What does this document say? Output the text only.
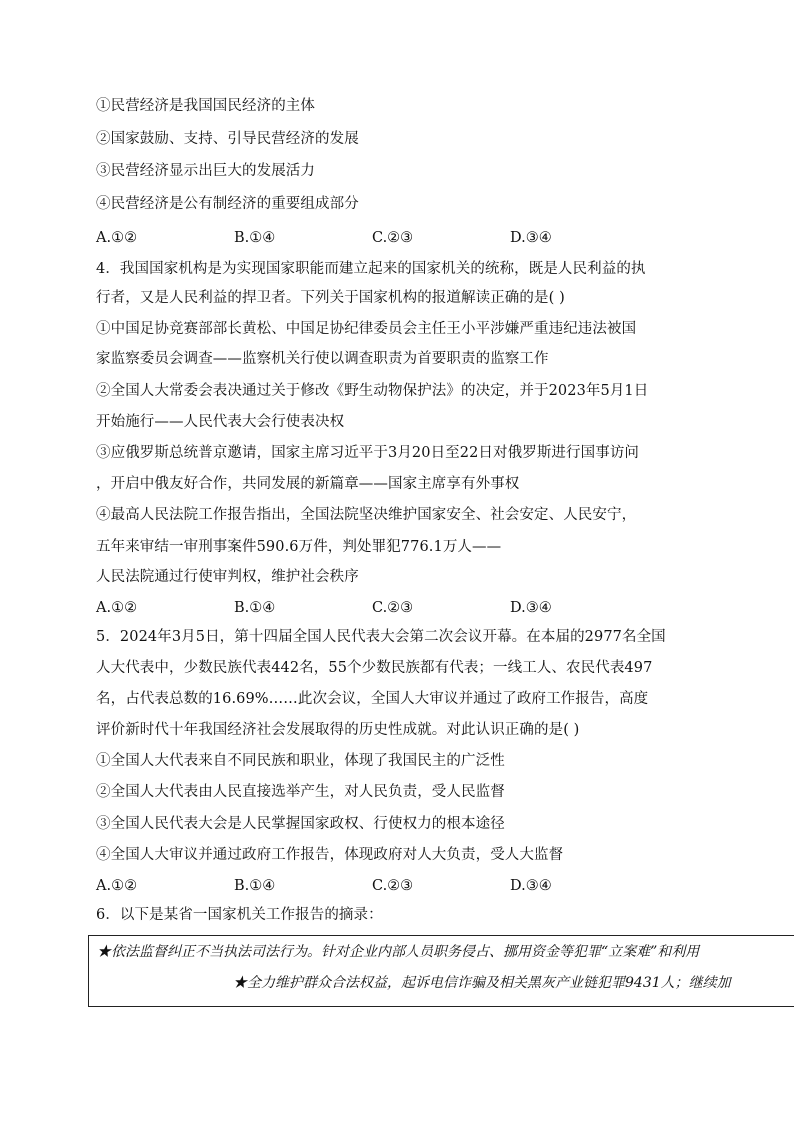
①民营经济是我国国民经济的主体
②国家鼓励、支持、引导民营经济的发展
③民营经济显示出巨大的发展活力
④民营经济是公有制经济的重要组成部分
A.①②	B.①④	C.②③	D.③④
4．我国国家机构是为实现国家职能而建立起来的国家机关的统称，既是人民利益的执
行者，又是人民利益的捍卫者。下列关于国家机构的报道解读正确的是( )
①中国足协竞赛部部长黄松、中国足协纪律委员会主任王小平涉嫌严重违纪违法被国
家监察委员会调查——监察机关行使以调查职责为首要职责的监察工作
②全国人大常委会表决通过关于修改《野生动物保护法》的决定，并于2023年5月1日
开始施行——人民代表大会行使表决权
③应俄罗斯总统普京邀请，国家主席习近平于3月20日至22日对俄罗斯进行国事访问
，开启中俄友好合作，共同发展的新篇章——国家主席享有外事权
④最高人民法院工作报告指出，全国法院坚决维护国家安全、社会安定、人民安宁，
五年来审结一审刑事案件590.6万件，判处罪犯776.1万人——
人民法院通过行使审判权，维护社会秩序
A.①②	B.①④	C.②③	D.③④
5．2024年3月5日，第十四届全国人民代表大会第二次会议开幕。在本届的2977名全国
人大代表中，少数民族代表442名，55个少数民族都有代表；一线工人、农民代表497
名，占代表总数的16.69%……此次会议，全国人大审议并通过了政府工作报告，高度
评价新时代十年我国经济社会发展取得的历史性成就。对此认识正确的是( )
①全国人大代表来自不同民族和职业，体现了我国民主的广泛性
②全国人大代表由人民直接选举产生，对人民负责，受人民监督
③全国人民代表大会是人民掌握国家政权、行使权力的根本途径
④全国人大审议并通过政府工作报告，体现政府对人大负责，受人大监督
A.①②	B.①④	C.②③	D.③④
6．以下是某省一国家机关工作报告的摘录：
★依法监督纠正不当执法司法行为。针对企业内部人员职务侵占、挪用资金等犯罪“立案难”和利用
★全力维护群众合法权益，起诉电信诈骗及相关黑灰产业链犯罪9431人；继续加
